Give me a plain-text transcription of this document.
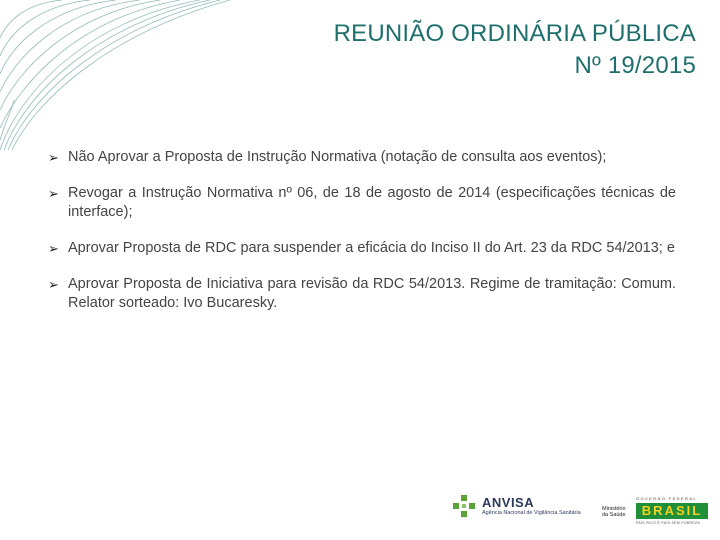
REUNIÃO ORDINÁRIA PÚBLICA
Nº 19/2015
➢ Não Aprovar a Proposta de Instrução Normativa (notação de consulta aos eventos);
➢ Revogar a Instrução Normativa nº 06, de 18 de agosto de 2014 (especificações técnicas de interface);
➢ Aprovar Proposta de RDC para suspender a eficácia do Inciso II do Art. 23 da RDC 54/2013; e
➢ Aprovar Proposta de Iniciativa para revisão da RDC 54/2013. Regime de tramitação: Comum. Relator sorteado: Ivo Bucaresky.
ANVISA
Agência Nacional de Vigilância Sanitária
Ministério da Saúde
GOVERNO FEDERAL
BRASIL
PAÍS RICO É PAÍS SEM POBREZA
